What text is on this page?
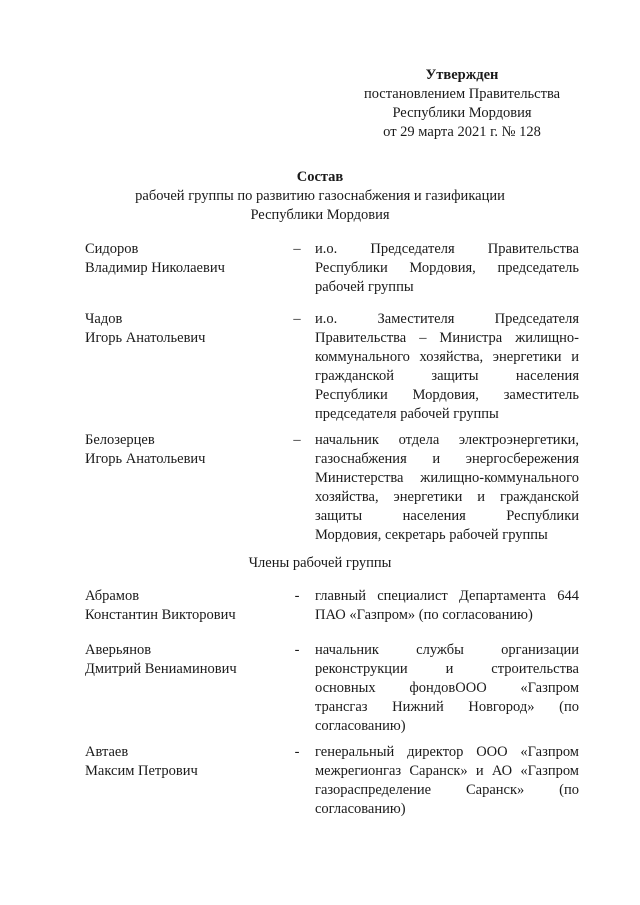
Утвержден
постановлением Правительства
Республики Мордовия
от 29 марта 2021 г. № 128
Состав
рабочей группы по развитию газоснабжения и газификации
Республики Мордовия
Сидоров
Владимир Николаевич
– и.о. Председателя Правительства
Республики Мордовия, председатель
рабочей группы
Чадов
Игорь Анатольевич
– и.о. Заместителя Председателя
Правительства – Министра жилищно-
коммунального хозяйства, энергетики и
гражданской защиты населения
Республики Мордовия, заместитель
председателя рабочей группы
Белозерцев
Игорь Анатольевич
– начальник отдела электроэнергетики,
газоснабжения и энергосбережения
Министерства жилищно-коммунального
хозяйства, энергетики и гражданской
защиты населения Республики
Мордовия, секретарь рабочей группы
Члены рабочей группы
Абрамов
Константин Викторович
-	главный специалист Департамента 644
ПАО «Газпром» (по согласованию)
Аверьянов
Дмитрий Вениаминович
-	начальник службы организации
реконструкции и строительства
основных фондовООО «Газпром
трансгаз Нижний Новгород» (по
согласованию)
Автаев
Максим Петрович
-	генеральный директор ООО «Газпром
межрегионгаз Саранск» и АО «Газпром
газораспределение Саранск» (по
согласованию)
